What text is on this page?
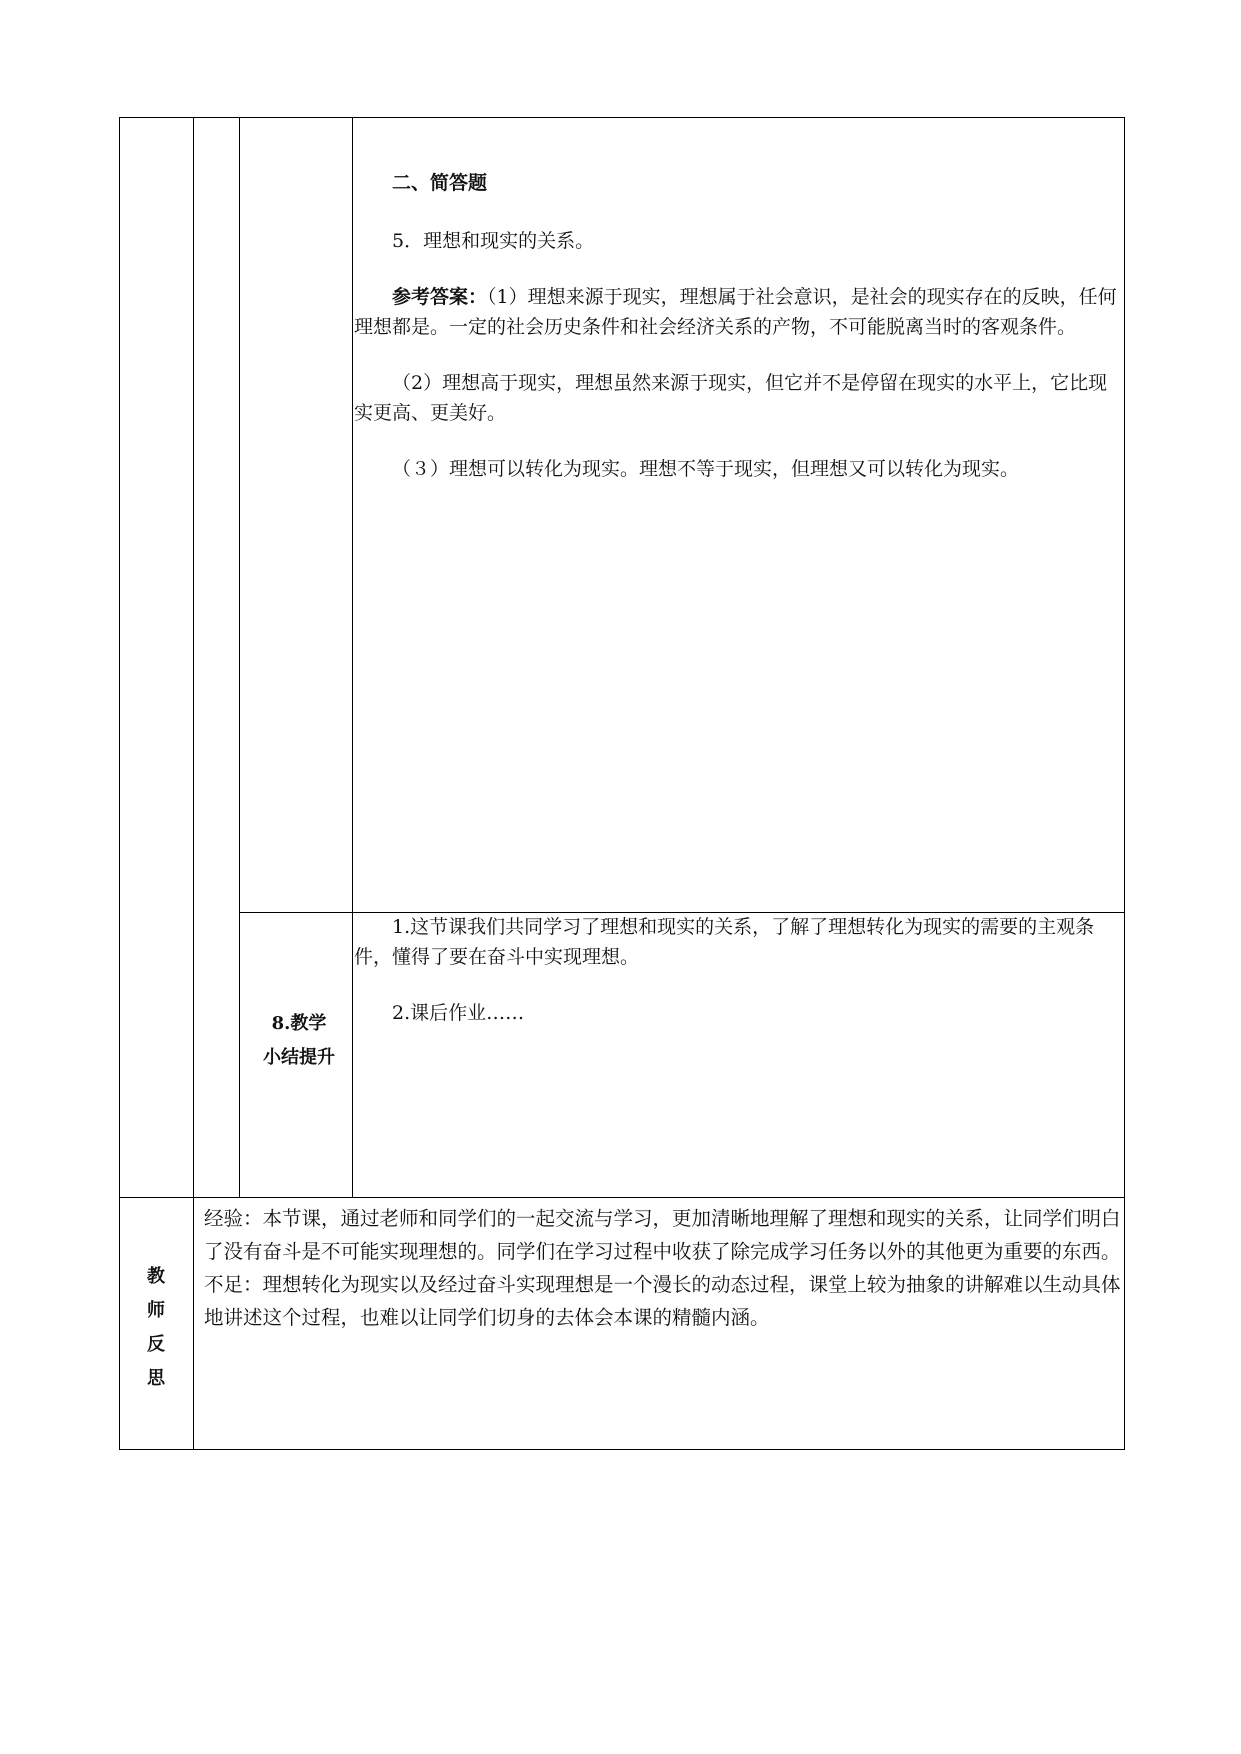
二、简答题

5．理想和现实的关系。

参考答案：（1）理想来源于现实，理想属于社会意识，是社会的现实存在的反映，任何理想都是。一定的社会历史条件和社会经济关系的产物，不可能脱离当时的客观条件。

（2）理想高于现实，理想虽然来源于现实，但它并不是停留在现实的水平上，它比现实更高、更美好。

（３）理想可以转化为现实。理想不等于现实，但理想又可以转化为现实。

8.教学

小结提升

1.这节课我们共同学习了理想和现实的关系，了解了理想转化为现实的需要的主观条件，懂得了要在奋斗中实现理想。

2.课后作业……

教

师

反

思

经验：本节课，通过老师和同学们的一起交流与学习，更加清晰地理解了理想和现实的关系，让同学们明白了没有奋斗是不可能实现理想的。同学们在学习过程中收获了除完成学习任务以外的其他更为重要的东西。

不足：理想转化为现实以及经过奋斗实现理想是一个漫长的动态过程，课堂上较为抽象的讲解难以生动具体地讲述这个过程，也难以让同学们切身的去体会本课的精髓内涵。
